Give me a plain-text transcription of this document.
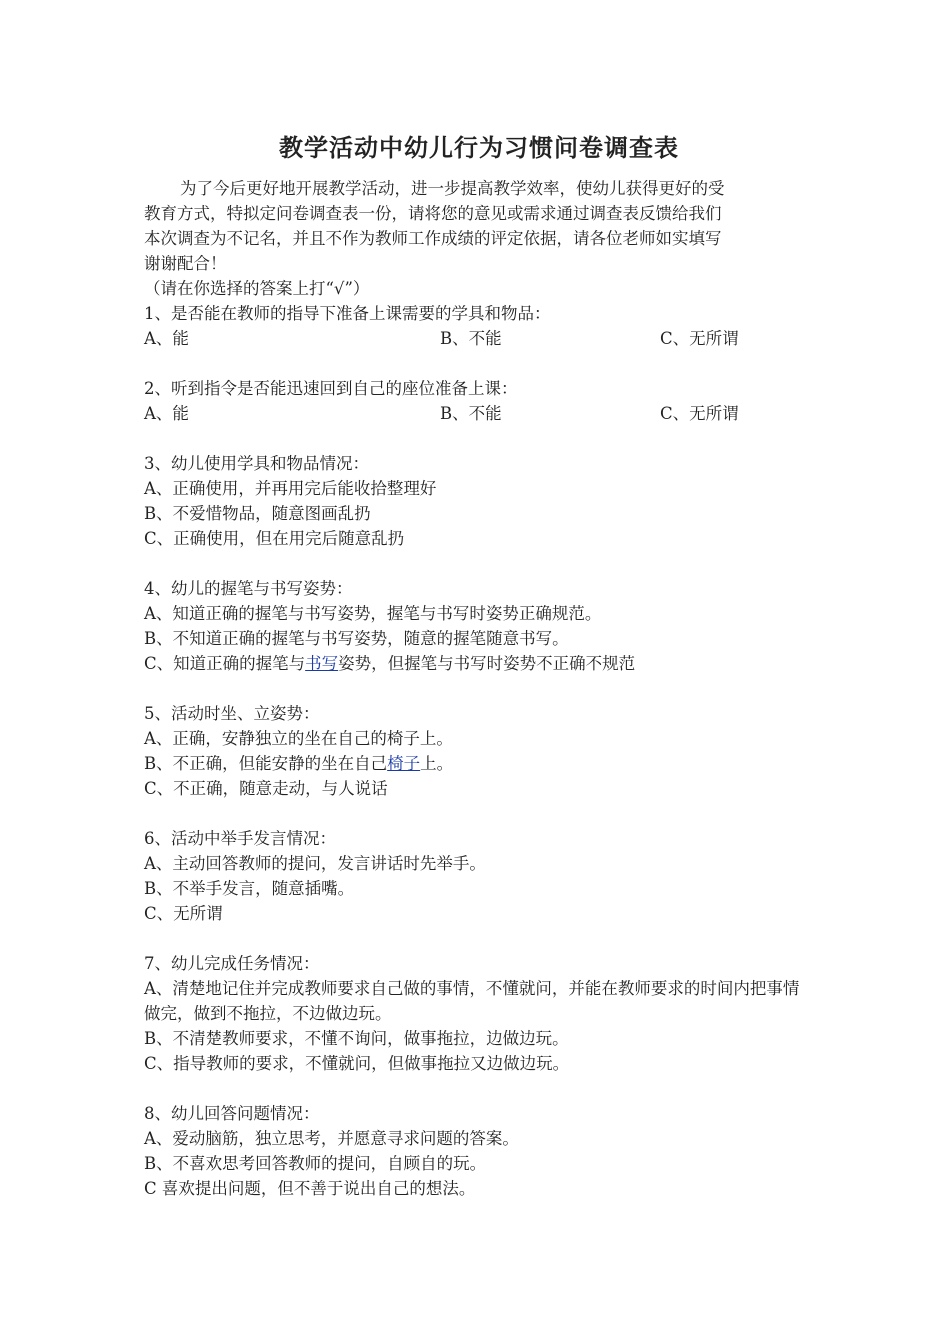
教学活动中幼儿行为习惯问卷调查表

为了今后更好地开展教学活动，进一步提高教学效率，使幼儿获得更好的受

教育方式，特拟定问卷调查表一份，请将您的意见或需求通过调查表反馈给我们

本次调查为不记名，并且不作为教师工作成绩的评定依据，请各位老师如实填写

谢谢配合！

（请在你选择的答案上打“√”）

1、是否能在教师的指导下准备上课需要的学具和物品：

A、能	B、不能	C、无所谓

2、听到指令是否能迅速回到自己的座位准备上课：

A、能	B、不能	C、无所谓

3、幼儿使用学具和物品情况：

A、正确使用，并再用完后能收拾整理好

B、不爱惜物品，随意图画乱扔

C、正确使用，但在用完后随意乱扔

4、幼儿的握笔与书写姿势：

A、知道正确的握笔与书写姿势，握笔与书写时姿势正确规范。

B、不知道正确的握笔与书写姿势，随意的握笔随意书写。

C、知道正确的握笔与书写姿势，但握笔与书写时姿势不正确不规范

5、活动时坐、立姿势：

A、正确，安静独立的坐在自己的椅子上。

B、不正确，但能安静的坐在自己椅子上。

C、不正确，随意走动，与人说话

6、活动中举手发言情况：

A、主动回答教师的提问，发言讲话时先举手。

B、不举手发言，随意插嘴。

C、无所谓

7、幼儿完成任务情况：

A、清楚地记住并完成教师要求自己做的事情，不懂就问，并能在教师要求的时间内把事情做完，做到不拖拉，不边做边玩。

B、不清楚教师要求，不懂不询问，做事拖拉，边做边玩。

C、指导教师的要求，不懂就问，但做事拖拉又边做边玩。

8、幼儿回答问题情况：

A、爱动脑筋，独立思考，并愿意寻求问题的答案。

B、不喜欢思考回答教师的提问，自顾自的玩。

C 喜欢提出问题，但不善于说出自己的想法。
